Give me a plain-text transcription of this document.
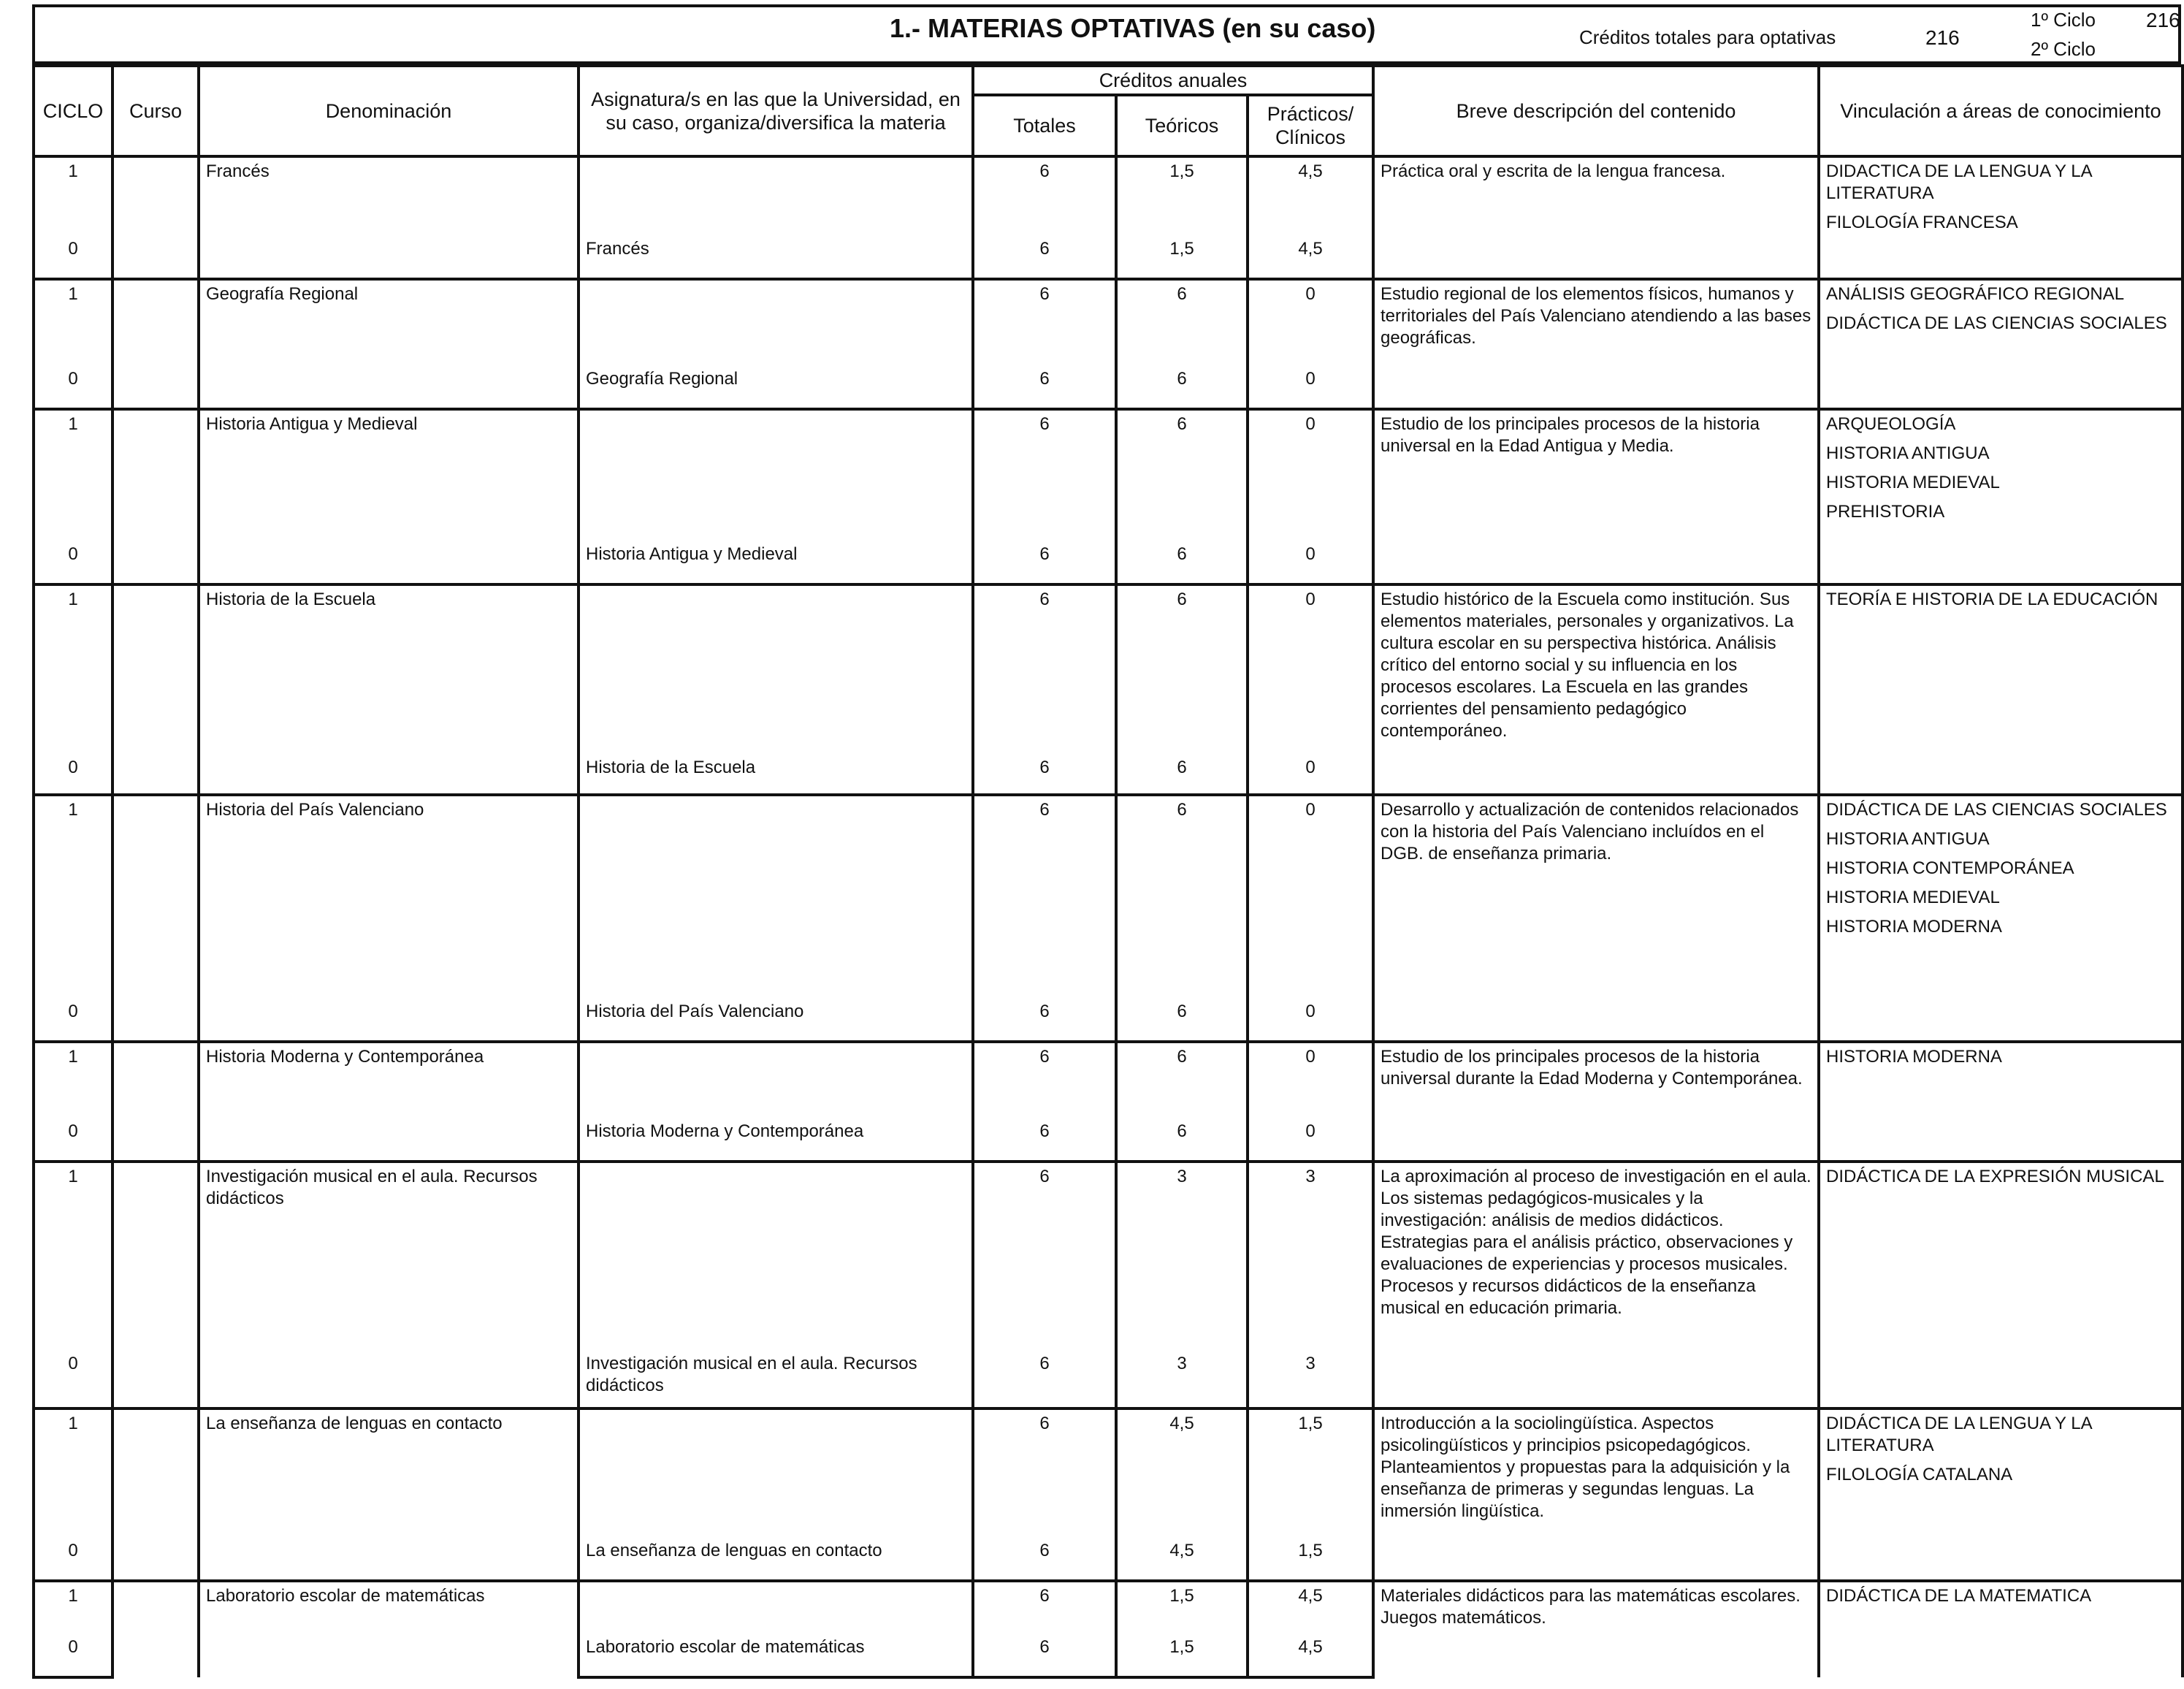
1.- MATERIAS OPTATIVAS (en su caso)	Créditos totales para optativas	216
1º Ciclo 216
2º Ciclo
CICLO	Curso	Denominación	Asignatura/s en las que la Universidad, en su caso, organiza/diversifica la materia	Créditos anuales			Breve descripción del contenido	Vinculación a áreas de conocimiento
				Totales	Teóricos	Prácticos/ Clínicos		
1		Francés		6	1,5	4,5	Práctica oral y escrita de la lengua francesa.	DIDACTICA DE LA LENGUA Y LA LITERATURA
FILOLOGÍA FRANCESA

0			Francés	6	1,5	4,5		
1		Geografía Regional		6	6	0	Estudio regional de los elementos físicos, humanos y territoriales del País Valenciano atendiendo a las bases geográficas.	ANÁLISIS GEOGRÁFICO REGIONAL
DIDÁCTICA DE LAS CIENCIAS SOCIALES

0			Geografía Regional	6	6	0		
1		Historia Antigua y Medieval		6	6	0	Estudio de los principales procesos de la historia universal en la Edad Antigua y Media.	ARQUEOLOGÍA
HISTORIA ANTIGUA
HISTORIA MEDIEVAL
PREHISTORIA

0			Historia Antigua y Medieval	6	6	0		
1		Historia de la Escuela		6	6	0	Estudio histórico de la Escuela como institución. Sus elementos materiales, personales y organizativos. La cultura escolar en su perspectiva histórica. Análisis crítico del entorno social y su influencia en los procesos escolares. La Escuela en las grandes corrientes del pensamiento pedagógico contemporáneo.	TEORÍA E HISTORIA DE LA EDUCACIÓN

0			Historia de la Escuela	6	6	0		
1		Historia del País Valenciano		6	6	0	Desarrollo y actualización de contenidos relacionados con la historia del País Valenciano incluídos en el DGB. de enseñanza primaria.	DIDÁCTICA DE LAS CIENCIAS SOCIALES
HISTORIA ANTIGUA
HISTORIA CONTEMPORÁNEA
HISTORIA MEDIEVAL
HISTORIA MODERNA

0			Historia del País Valenciano	6	6	0		
1		Historia Moderna y Contemporánea		6	6	0	Estudio de los principales procesos de la historia universal durante la Edad Moderna y Contemporánea.	HISTORIA MODERNA

0			Historia Moderna y Contemporánea	6	6	0		
1		Investigación musical en el aula. Recursos didácticos		6	3	3	La aproximación al proceso de investigación en el aula. Los sistemas pedagógicos-musicales y la investigación: análisis de medios didácticos. Estrategias para el análisis práctico, observaciones y evaluaciones de experiencias y procesos musicales. Procesos y recursos didácticos de la enseñanza musical en educación primaria.	DIDÁCTICA DE LA EXPRESIÓN MUSICAL

0			Investigación musical en el aula. Recursos didácticos	6	3	3		
1		La enseñanza de lenguas en contacto		6	4,5	1,5	Introducción a la sociolingüística. Aspectos psicolingüísticos y principios psicopedagógicos. Planteamientos y propuestas para la adquisición y la enseñanza de primeras y segundas lenguas. La inmersión lingüística.	DIDÁCTICA DE LA LENGUA Y LA LITERATURA
FILOLOGÍA CATALANA

0			La enseñanza de lenguas en contacto	6	4,5	1,5		
1		Laboratorio escolar de matemáticas		6	1,5	4,5	Materiales didácticos para las matemáticas escolares. Juegos matemáticos.	DIDÁCTICA DE LA MATEMATICA

0			Laboratorio escolar de matemáticas	6	1,5	4,5		
